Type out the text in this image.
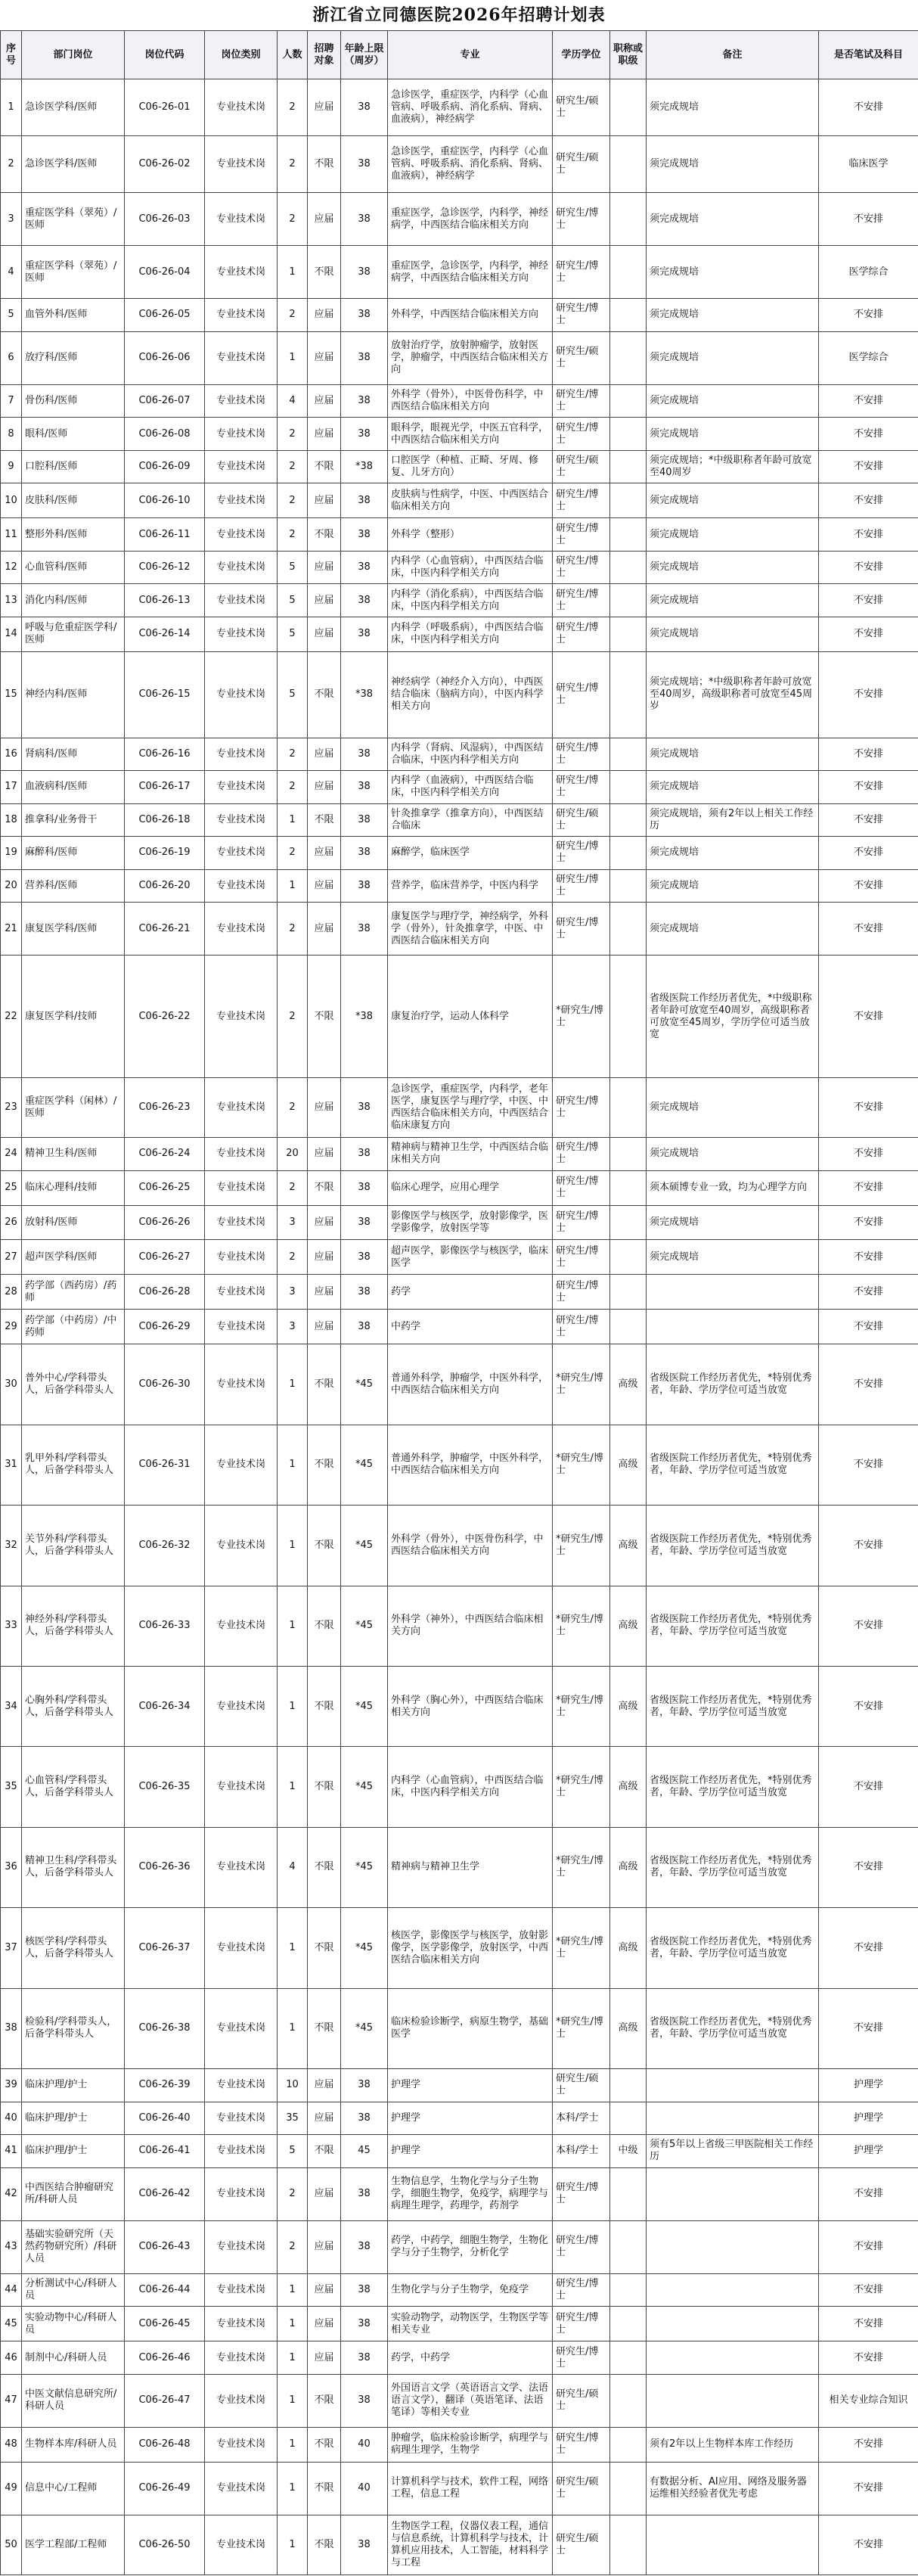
浙江省立同德医院2026年招聘计划表
序号	部门岗位	岗位代码	岗位类别	人数	招聘对象	年龄上限（周岁）	专业	学历学位	职称或职级	备注	是否笔试及科目
1	急诊医学科/医师	C06-26-01	专业技术岗	2	应届	38	急诊医学，重症医学，内科学（心血管病、呼吸系病、消化系病、肾病、血液病），神经病学	研究生/硕士		须完成规培	不安排
2	急诊医学科/医师	C06-26-02	专业技术岗	2	不限	38	急诊医学，重症医学，内科学（心血管病、呼吸系病、消化系病、肾病、血液病），神经病学	研究生/硕士		须完成规培	临床医学
3	重症医学科（翠苑）/医师	C06-26-03	专业技术岗	2	应届	38	重症医学，急诊医学，内科学，神经病学，中西医结合临床相关方向	研究生/博士		须完成规培	不安排
4	重症医学科（翠苑）/医师	C06-26-04	专业技术岗	1	不限	38	重症医学，急诊医学，内科学，神经病学，中西医结合临床相关方向	研究生/博士		须完成规培	医学综合
5	血管外科/医师	C06-26-05	专业技术岗	2	应届	38	外科学，中西医结合临床相关方向	研究生/博士		须完成规培	不安排
6	放疗科/医师	C06-26-06	专业技术岗	1	应届	38	放射治疗学，放射肿瘤学，放射医学，肿瘤学，中西医结合临床相关方向	研究生/硕士		须完成规培	医学综合
7	骨伤科/医师	C06-26-07	专业技术岗	4	应届	38	外科学（骨外），中医骨伤科学，中西医结合临床相关方向	研究生/博士		须完成规培	不安排
8	眼科/医师	C06-26-08	专业技术岗	2	应届	38	眼科学，眼视光学，中医五官科学，中西医结合临床相关方向	研究生/博士		须完成规培	不安排
9	口腔科/医师	C06-26-09	专业技术岗	2	不限	*38	口腔医学（种植、正畸、牙周、修复、儿牙方向）	研究生/硕士		须完成规培；*中级职称者年龄可放宽至40周岁	不安排
10	皮肤科/医师	C06-26-10	专业技术岗	2	应届	38	皮肤病与性病学，中医、中西医结合临床相关方向	研究生/博士		须完成规培	不安排
11	整形外科/医师	C06-26-11	专业技术岗	2	不限	38	外科学（整形）	研究生/博士		须完成规培	不安排
12	心血管科/医师	C06-26-12	专业技术岗	5	应届	38	内科学（心血管病），中西医结合临床，中医内科学相关方向	研究生/博士		须完成规培	不安排
13	消化内科/医师	C06-26-13	专业技术岗	5	应届	38	内科学（消化系病），中西医结合临床，中医内科学相关方向	研究生/博士		须完成规培	不安排
14	呼吸与危重症医学科/医师	C06-26-14	专业技术岗	5	应届	38	内科学（呼吸系病），中西医结合临床，中医内科学相关方向	研究生/博士		须完成规培	不安排
15	神经内科/医师	C06-26-15	专业技术岗	5	不限	*38	神经病学（神经介入方向），中西医结合临床（脑病方向），中医内科学相关方向	研究生/博士		须完成规培；*中级职称者年龄可放宽至40周岁，高级职称者可放宽至45周岁	不安排
16	肾病科/医师	C06-26-16	专业技术岗	2	应届	38	内科学（肾病、风湿病），中西医结合临床，中医内科学相关方向	研究生/博士		须完成规培	不安排
17	血液病科/医师	C06-26-17	专业技术岗	2	应届	38	内科学（血液病），中西医结合临床，中医内科学相关方向	研究生/博士		须完成规培	不安排
18	推拿科/业务骨干	C06-26-18	专业技术岗	1	不限	38	针灸推拿学（推拿方向），中西医结合临床	研究生/硕士		须完成规培，须有2年以上相关工作经历	不安排
19	麻醉科/医师	C06-26-19	专业技术岗	2	应届	38	麻醉学，临床医学	研究生/博士		须完成规培	不安排
20	营养科/医师	C06-26-20	专业技术岗	1	应届	38	营养学，临床营养学，中医内科学	研究生/博士		须完成规培	不安排
21	康复医学科/医师	C06-26-21	专业技术岗	2	应届	38	康复医学与理疗学，神经病学，外科学（骨外），针灸推拿学，中医、中西医结合临床相关方向	研究生/博士		须完成规培	不安排
22	康复医学科/技师	C06-26-22	专业技术岗	2	不限	*38	康复治疗学，运动人体科学	*研究生/博士		省级医院工作经历者优先，*中级职称者年龄可放宽至40周岁，高级职称者可放宽至45周岁，学历学位可适当放宽	不安排
23	重症医学科（闲林）/医师	C06-26-23	专业技术岗	2	应届	38	急诊医学，重症医学，内科学，老年医学，康复医学与理疗学，中医、中西医结合临床相关方向，中西医结合临床康复方向	研究生/博士		须完成规培	不安排
24	精神卫生科/医师	C06-26-24	专业技术岗	20	应届	38	精神病与精神卫生学，中西医结合临床相关方向	研究生/博士		须完成规培	不安排
25	临床心理科/技师	C06-26-25	专业技术岗	2	不限	38	临床心理学，应用心理学	研究生/博士		须本硕博专业一致，均为心理学方向	不安排
26	放射科/医师	C06-26-26	专业技术岗	3	应届	38	影像医学与核医学，放射影像学，医学影像学，放射医学等	研究生/博士		须完成规培	不安排
27	超声医学科/医师	C06-26-27	专业技术岗	2	应届	38	超声医学，影像医学与核医学，临床医学	研究生/博士		须完成规培	不安排
28	药学部（西药房）/药师	C06-26-28	专业技术岗	3	应届	38	药学	研究生/博士			不安排
29	药学部（中药房）/中药师	C06-26-29	专业技术岗	3	应届	38	中药学	研究生/博士			不安排
30	普外中心/学科带头人，后备学科带头人	C06-26-30	专业技术岗	1	不限	*45	普通外科学，肿瘤学，中医外科学，中西医结合临床相关方向	*研究生/博士	高级	省级医院工作经历者优先，*特别优秀者，年龄、学历学位可适当放宽	不安排
31	乳甲外科/学科带头人，后备学科带头人	C06-26-31	专业技术岗	1	不限	*45	普通外科学，肿瘤学，中医外科学，中西医结合临床相关方向	*研究生/博士	高级	省级医院工作经历者优先，*特别优秀者，年龄、学历学位可适当放宽	不安排
32	关节外科/学科带头人，后备学科带头人	C06-26-32	专业技术岗	1	不限	*45	外科学（骨外），中医骨伤科学，中西医结合临床相关方向	*研究生/博士	高级	省级医院工作经历者优先，*特别优秀者，年龄、学历学位可适当放宽	不安排
33	神经外科/学科带头人，后备学科带头人	C06-26-33	专业技术岗	1	不限	*45	外科学（神外），中西医结合临床相关方向	*研究生/博士	高级	省级医院工作经历者优先，*特别优秀者，年龄、学历学位可适当放宽	不安排
34	心胸外科/学科带头人，后备学科带头人	C06-26-34	专业技术岗	1	不限	*45	外科学（胸心外），中西医结合临床相关方向	*研究生/博士	高级	省级医院工作经历者优先，*特别优秀者，年龄、学历学位可适当放宽	不安排
35	心血管科/学科带头人，后备学科带头人	C06-26-35	专业技术岗	1	不限	*45	内科学（心血管病），中西医结合临床，中医内科学相关方向	*研究生/博士	高级	省级医院工作经历者优先，*特别优秀者，年龄、学历学位可适当放宽	不安排
36	精神卫生科/学科带头人，后备学科带头人	C06-26-36	专业技术岗	4	不限	*45	精神病与精神卫生学	*研究生/博士	高级	省级医院工作经历者优先，*特别优秀者，年龄、学历学位可适当放宽	不安排
37	核医学科/学科带头人，后备学科带头人	C06-26-37	专业技术岗	1	不限	*45	核医学，影像医学与核医学，放射影像学，医学影像学，放射医学，中西医结合临床相关方向	*研究生/博士	高级	省级医院工作经历者优先，*特别优秀者，年龄、学历学位可适当放宽	不安排
38	检验科/学科带头人，后备学科带头人	C06-26-38	专业技术岗	1	不限	*45	临床检验诊断学，病原生物学，基础医学	*研究生/博士	高级	省级医院工作经历者优先，*特别优秀者，年龄、学历学位可适当放宽	不安排
39	临床护理/护士	C06-26-39	专业技术岗	10	应届	38	护理学	研究生/硕士			护理学
40	临床护理/护士	C06-26-40	专业技术岗	35	应届	38	护理学	本科/学士			护理学
41	临床护理/护士	C06-26-41	专业技术岗	5	不限	45	护理学	本科/学士	中级	须有5年以上省级三甲医院相关工作经历	护理学
42	中西医结合肿瘤研究所/科研人员	C06-26-42	专业技术岗	2	应届	38	生物信息学，生物化学与分子生物学，细胞生物学，免疫学，病理学与病理生理学，药理学，药剂学	研究生/博士			不安排
43	基础实验研究所（天然药物研究所）/科研人员	C06-26-43	专业技术岗	2	应届	38	药学，中药学，细胞生物学，生物化学与分子生物学，分析化学	研究生/博士			不安排
44	分析测试中心/科研人员	C06-26-44	专业技术岗	1	应届	38	生物化学与分子生物学，免疫学	研究生/博士			不安排
45	实验动物中心/科研人员	C06-26-45	专业技术岗	1	应届	38	实验动物学，动物医学，生物医学等相关专业	研究生/博士			不安排
46	制剂中心/科研人员	C06-26-46	专业技术岗	1	应届	38	药学，中药学	研究生/博士			不安排
47	中医文献信息研究所/科研人员	C06-26-47	专业技术岗	1	不限	38	外国语言文学（英语语言文学、法语语言文学），翻译（英语笔译、法语笔译）等相关专业	研究生/硕士			相关专业综合知识
48	生物样本库/科研人员	C06-26-48	专业技术岗	1	不限	40	肿瘤学，临床检验诊断学，病理学与病理生理学，生物学	研究生/博士		须有2年以上生物样本库工作经历	不安排
49	信息中心/工程师	C06-26-49	专业技术岗	1	不限	40	计算机科学与技术，软件工程，网络工程，信息工程	研究生/硕士		有数据分析、AI应用、网络及服务器运维相关经验者优先考虑	不安排
50	医学工程部/工程师	C06-26-50	专业技术岗	1	不限	38	生物医学工程，仪器仪表工程，通信与信息系统，计算机科学与技术，计算机应用技术，人工智能，材料科学与工程	研究生/硕士			不安排
